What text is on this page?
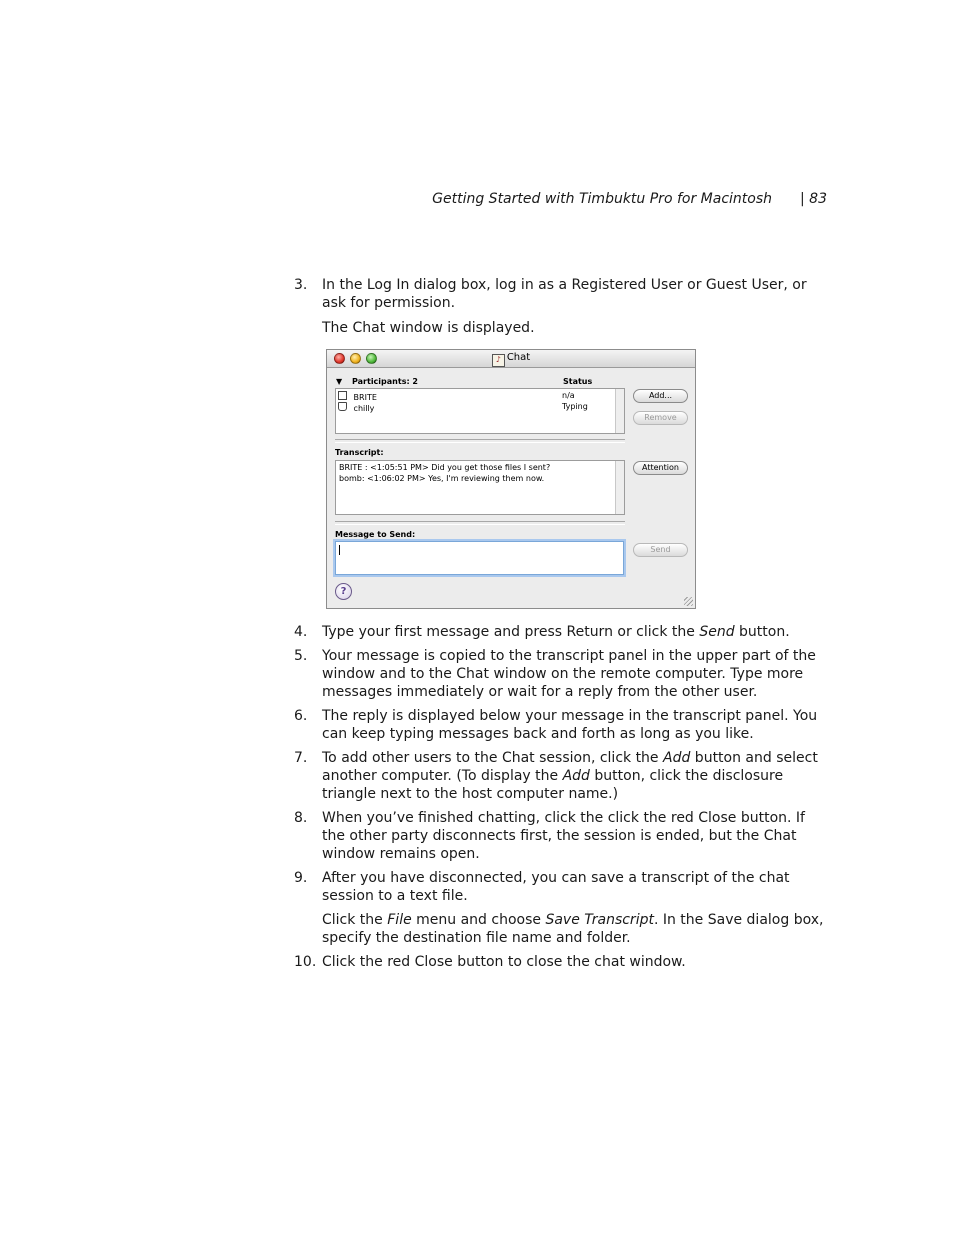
Getting Started with Timbuktu Pro for Macintosh | 83
3. In the Log In dialog box, log in as a Registered User or Guest User, or ask for permission.
The Chat window is displayed.
♪ Chat
▼ Participants: 2	Status
BRITE	n/a
chilly	Typing
Add...
Remove
Transcript:
BRITE : <1:05:51 PM> Did you get those files I sent?
bomb: <1:06:02 PM> Yes, I'm reviewing them now.
Attention
Message to Send:
Send
?
4. Type your first message and press Return or click the Send button.
5. Your message is copied to the transcript panel in the upper part of the window and to the Chat window on the remote computer. Type more messages immediately or wait for a reply from the other user.
6. The reply is displayed below your message in the transcript panel. You can keep typing messages back and forth as long as you like.
7. To add other users to the Chat session, click the Add button and select another computer. (To display the Add button, click the disclosure triangle next to the host computer name.)
8. When you’ve finished chatting, click the click the red Close button. If the other party disconnects first, the session is ended, but the Chat window remains open.
9. After you have disconnected, you can save a transcript of the chat session to a text file.
Click the File menu and choose Save Transcript. In the Save dialog box, specify the destination file name and folder.
10. Click the red Close button to close the chat window.
